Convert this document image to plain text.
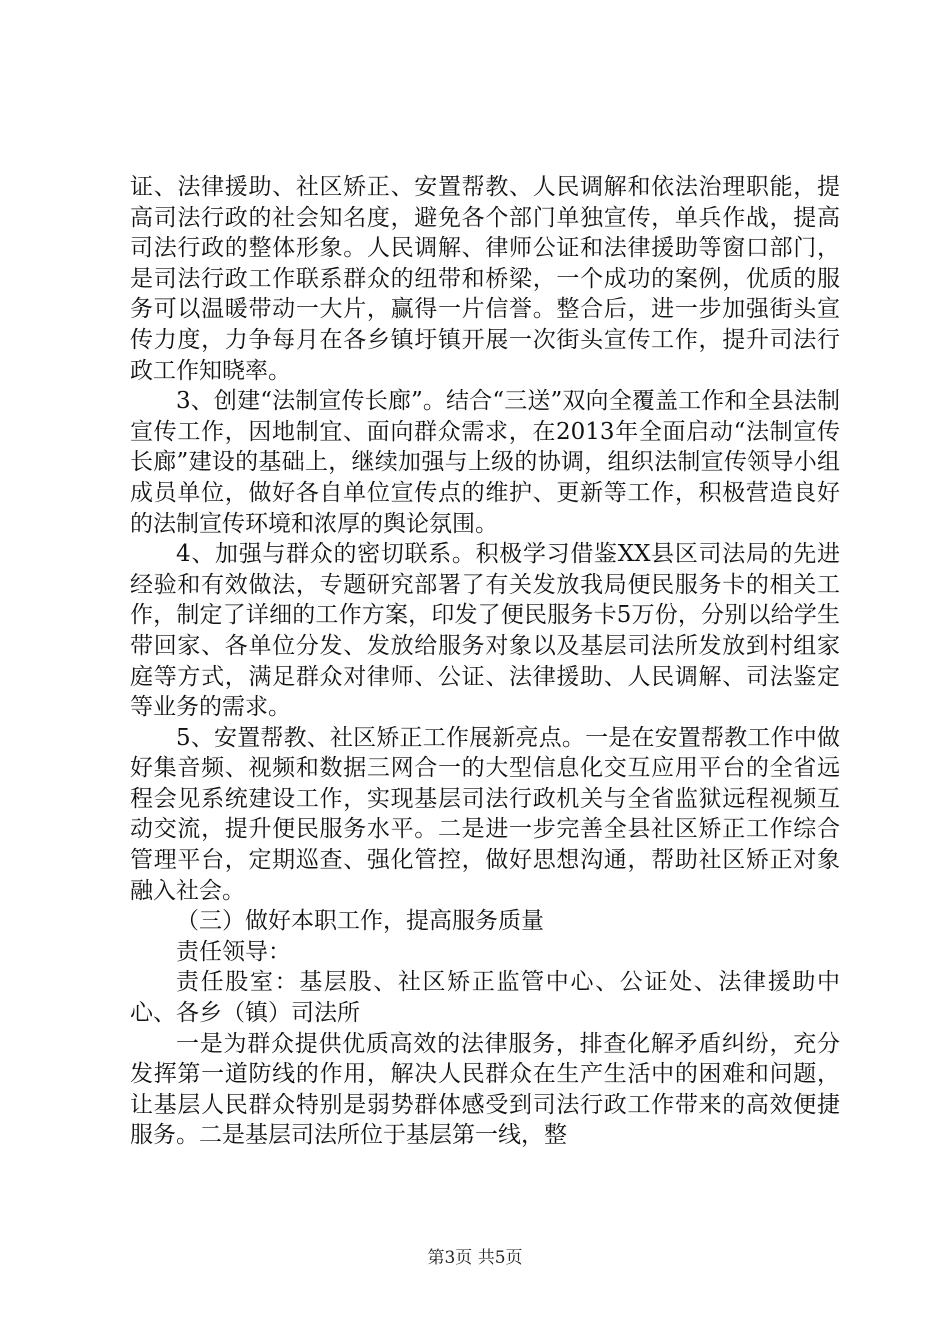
证、法律援助、社区矫正、安置帮教、人民调解和依法治理职能，提高司法行政的社会知名度，避免各个部门单独宣传，单兵作战，提高司法行政的整体形象。人民调解、律师公证和法律援助等窗口部门，是司法行政工作联系群众的纽带和桥梁，一个成功的案例，优质的服务可以温暖带动一大片，赢得一片信誉。整合后，进一步加强街头宣传力度，力争每月在各乡镇圩镇开展一次街头宣传工作，提升司法行政工作知晓率。

3、创建“法制宣传长廊”。结合“三送”双向全覆盖工作和全县法制宣传工作，因地制宜、面向群众需求，在2013年全面启动“法制宣传长廊”建设的基础上，继续加强与上级的协调，组织法制宣传领导小组成员单位，做好各自单位宣传点的维护、更新等工作，积极营造良好的法制宣传环境和浓厚的舆论氛围。

4、加强与群众的密切联系。积极学习借鉴XX县区司法局的先进经验和有效做法，专题研究部署了有关发放我局便民服务卡的相关工作，制定了详细的工作方案，印发了便民服务卡5万份，分别以给学生带回家、各单位分发、发放给服务对象以及基层司法所发放到村组家庭等方式，满足群众对律师、公证、法律援助、人民调解、司法鉴定等业务的需求。

5、安置帮教、社区矫正工作展新亮点。一是在安置帮教工作中做好集音频、视频和数据三网合一的大型信息化交互应用平台的全省远程会见系统建设工作，实现基层司法行政机关与全省监狱远程视频互动交流，提升便民服务水平。二是进一步完善全县社区矫正工作综合管理平台，定期巡查、强化管控，做好思想沟通，帮助社区矫正对象融入社会。

（三）做好本职工作，提高服务质量

责任领导：

责任股室：基层股、社区矫正监管中心、公证处、法律援助中心、各乡（镇）司法所

一是为群众提供优质高效的法律服务，排查化解矛盾纠纷，充分发挥第一道防线的作用，解决人民群众在生产生活中的困难和问题，让基层人民群众特别是弱势群体感受到司法行政工作带来的高效便捷服务。二是基层司法所位于基层第一线，整

第3页 共5页
